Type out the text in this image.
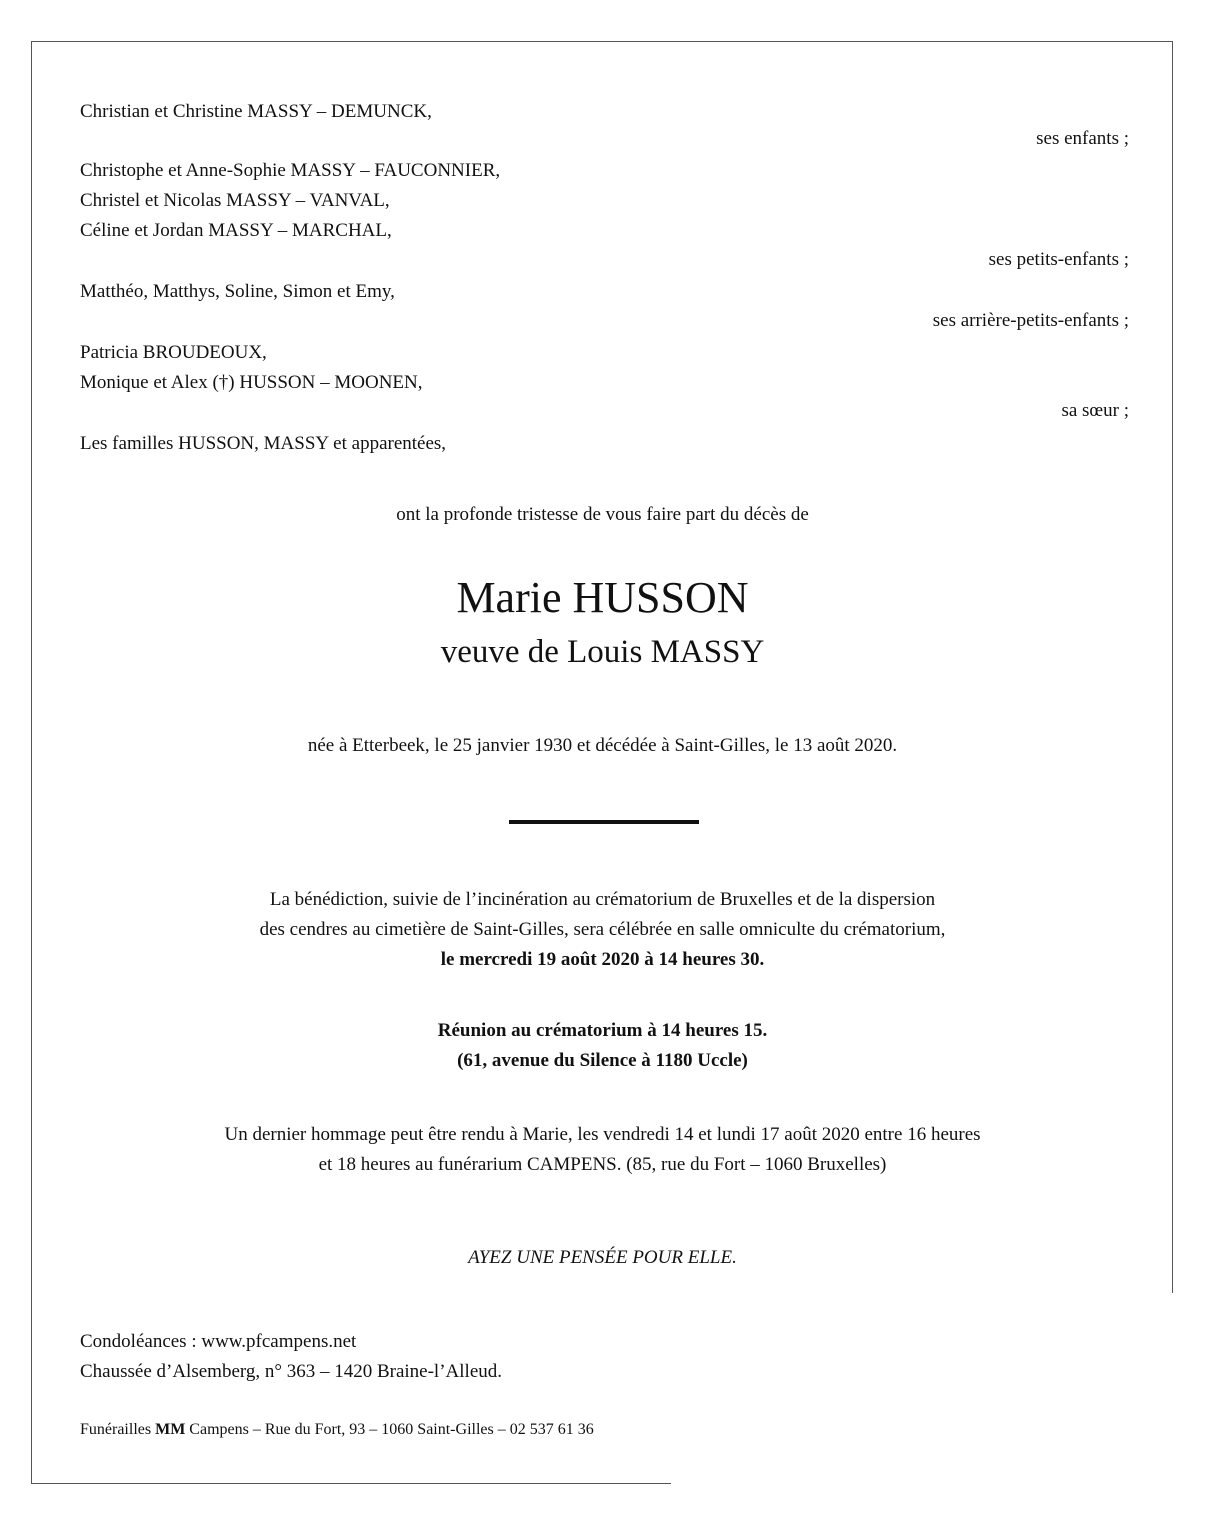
Christian et Christine MASSY – DEMUNCK,
ses enfants ;
Christophe et Anne-Sophie MASSY – FAUCONNIER,
Christel et Nicolas MASSY – VANVAL,
Céline et Jordan MASSY – MARCHAL,
ses petits-enfants ;
Matthéo, Matthys, Soline, Simon et Emy,
ses arrière-petits-enfants ;
Patricia BROUDEOUX,
Monique et Alex (†) HUSSON – MOONEN,
sa sœur ;
Les familles HUSSON, MASSY et apparentées,
ont la profonde tristesse de vous faire part du décès de
Marie HUSSON
veuve de Louis MASSY
née à Etterbeek, le 25 janvier 1930 et décédée à Saint-Gilles, le 13 août 2020.
La bénédiction, suivie de l’incinération au crématorium de Bruxelles et de la dispersion
des cendres au cimetière de Saint-Gilles, sera célébrée en salle omniculte du crématorium,
le mercredi 19 août 2020 à 14 heures 30.
Réunion au crématorium à 14 heures 15.
(61, avenue du Silence à 1180 Uccle)
Un dernier hommage peut être rendu à Marie, les vendredi 14 et lundi 17 août 2020 entre 16 heures
et 18 heures au funérarium CAMPENS. (85, rue du Fort – 1060 Bruxelles)
AYEZ UNE PENSÉE POUR ELLE.
Condoléances : www.pfcampens.net
Chaussée d’Alsemberg, n° 363 – 1420 Braine-l’Alleud.
Funérailles MM Campens – Rue du Fort, 93 – 1060 Saint-Gilles – 02 537 61 36
